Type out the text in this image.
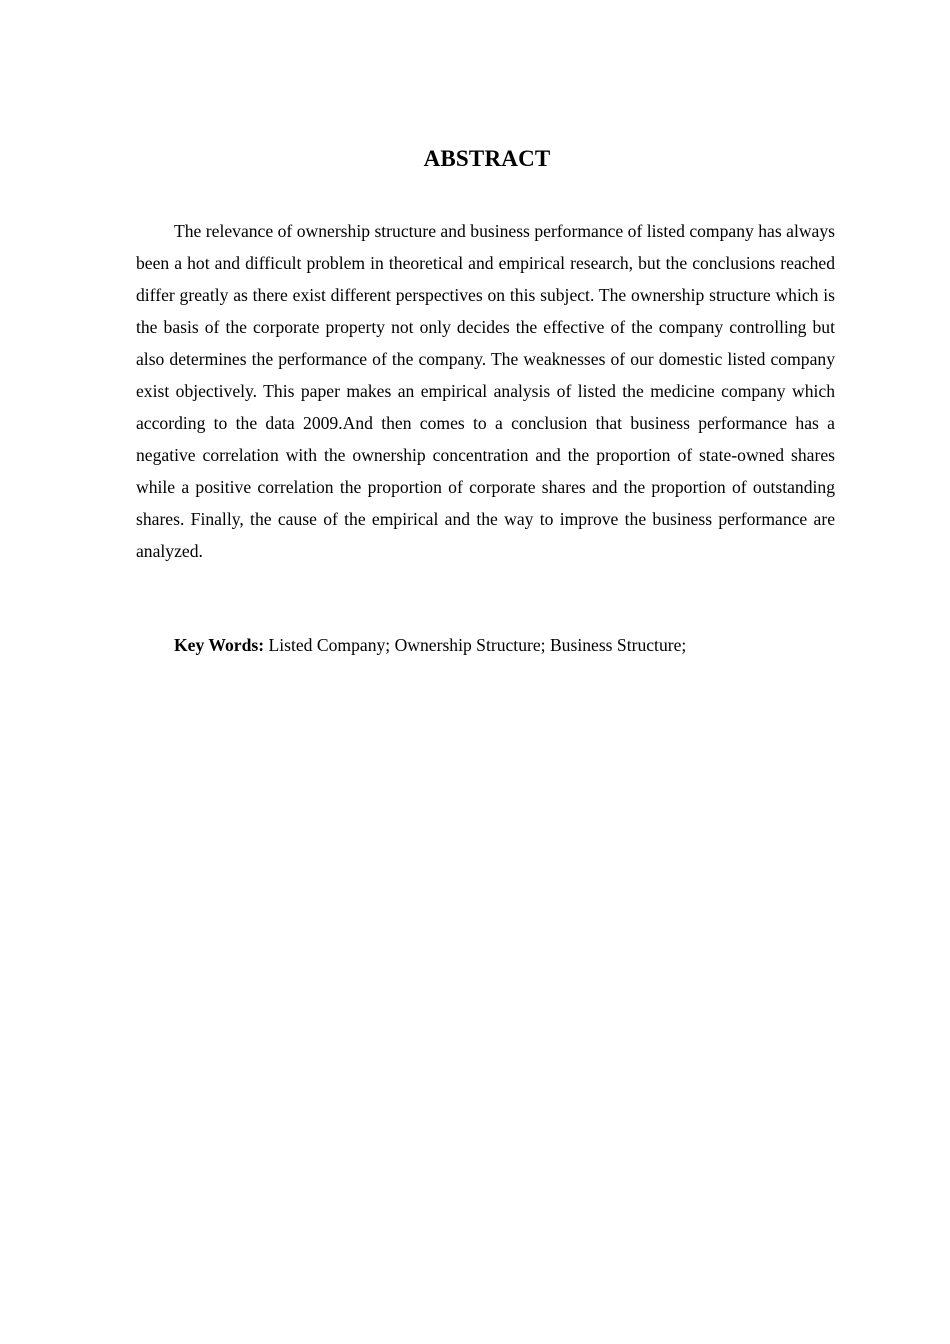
ABSTRACT

The relevance of ownership structure and business performance of listed company has always been a hot and difficult problem in theoretical and empirical research, but the conclusions reached differ greatly as there exist different perspectives on this subject. The ownership structure which is the basis of the corporate property not only decides the effective of the company controlling but also determines the performance of the company. The weaknesses of our domestic listed company exist objectively. This paper makes an empirical analysis of listed the medicine company which according to the data 2009.And then comes to a conclusion that business performance has a negative correlation with the ownership concentration and the proportion of state-owned shares while a positive correlation the proportion of corporate shares and the proportion of outstanding shares. Finally, the cause of the empirical and the way to improve the business performance are analyzed.

Key Words: Listed Company; Ownership Structure; Business Structure;
